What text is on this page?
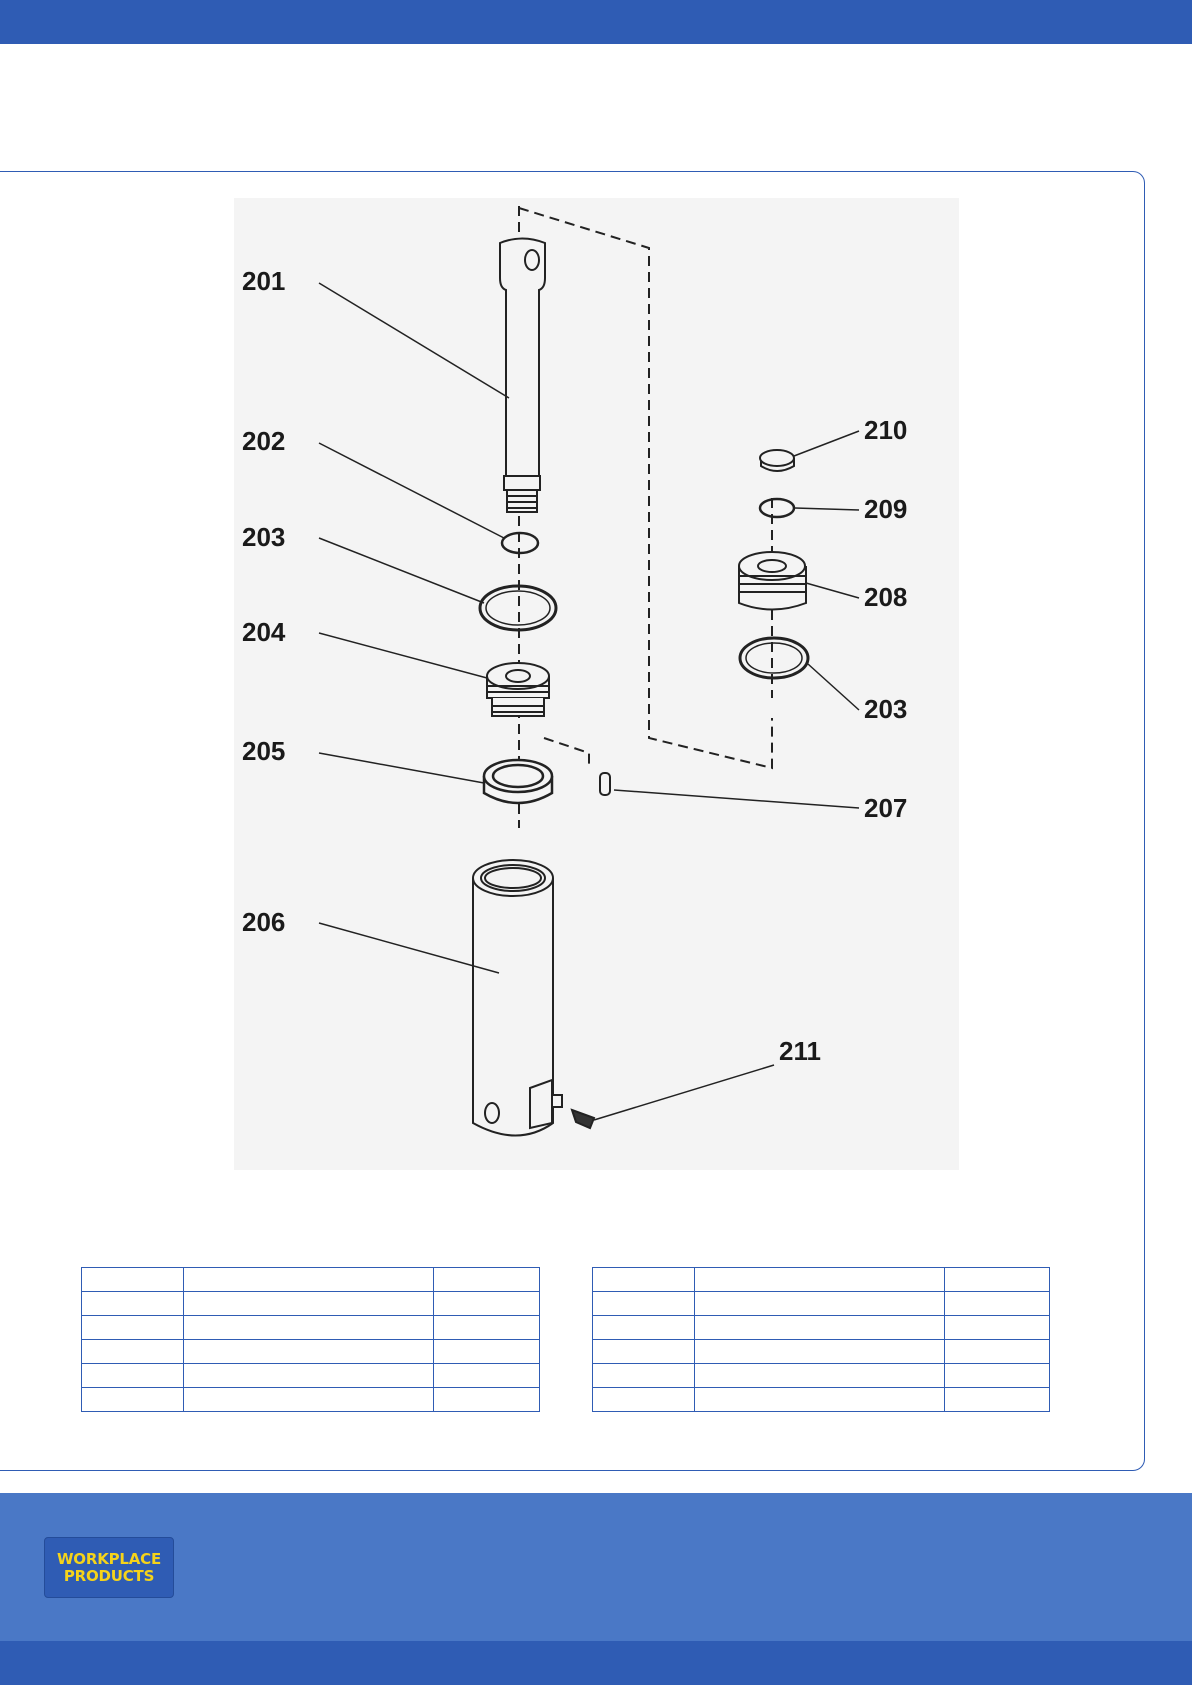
201
202
203
204
205
206
207
208
209
210
203
211

WORKPLACE
PRODUCTS
